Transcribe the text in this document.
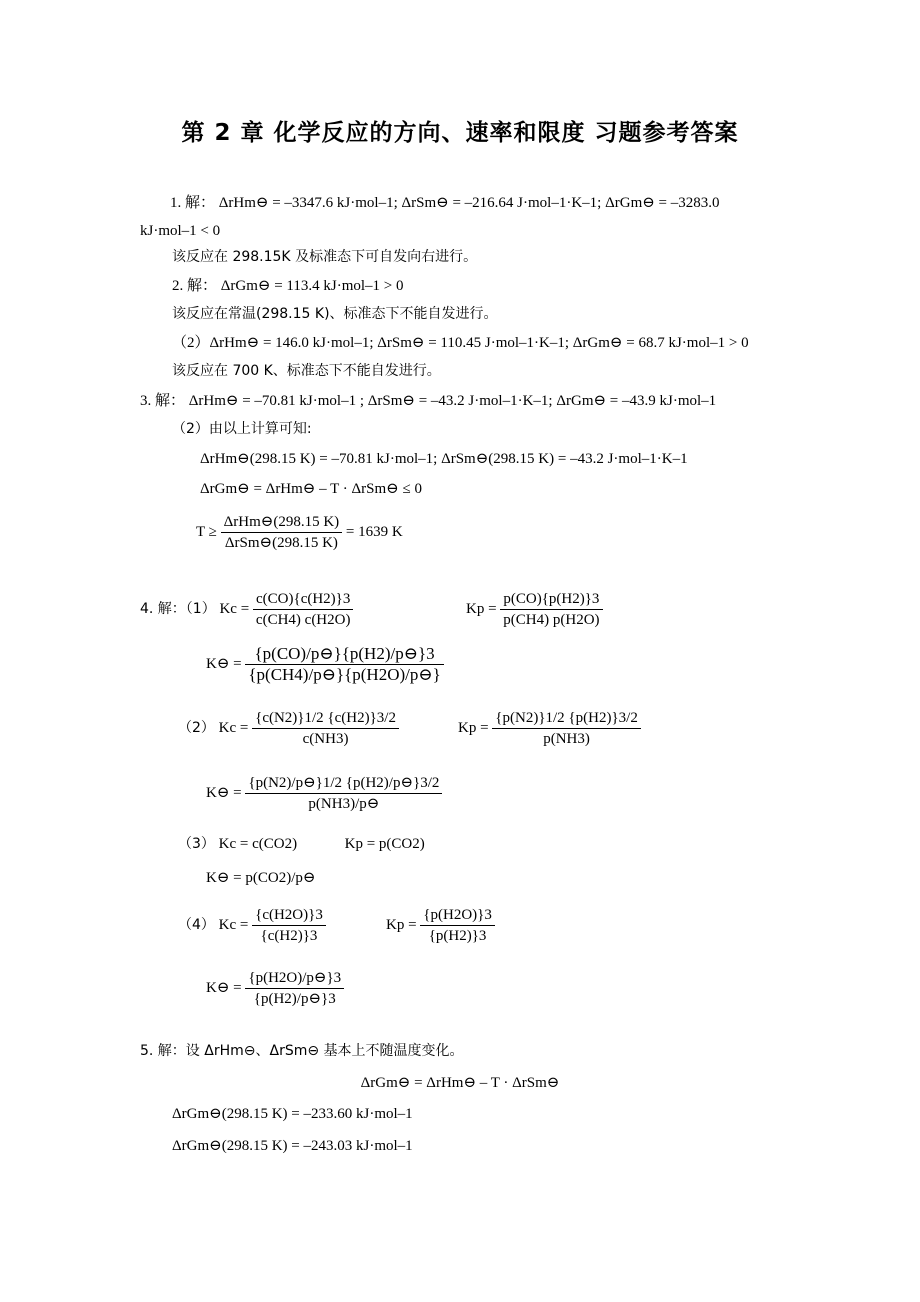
第 2 章 化学反应的方向、速率和限度 习题参考答案
1. 解： ΔrHm⊖ = –3347.6 kJ·mol–1; ΔrSm⊖ = –216.64 J·mol–1·K–1; ΔrGm⊖ = –3283.0
kJ·mol–1 < 0
该反应在 298.15K 及标准态下可自发向右进行。
2. 解： ΔrGm⊖ = 113.4 kJ·mol–1 > 0
该反应在常温(298.15 K)、标准态下不能自发进行。
（2）ΔrHm⊖ = 146.0 kJ·mol–1; ΔrSm⊖ = 110.45 J·mol–1·K–1; ΔrGm⊖ = 68.7 kJ·mol–1 > 0
该反应在 700 K、标准态下不能自发进行。
3. 解： ΔrHm⊖ = –70.81 kJ·mol–1 ; ΔrSm⊖ = –43.2 J·mol–1·K–1; ΔrGm⊖ = –43.9 kJ·mol–1
（2）由以上计算可知:
ΔrHm⊖(298.15 K) = –70.81 kJ·mol–1; ΔrSm⊖(298.15 K) = –43.2 J·mol–1·K–1
ΔrGm⊖ = ΔrHm⊖ – T · ΔrSm⊖ ≤ 0
$T \ge \frac{\text{ΔrHm⊖(298.15 K)}}{\text{ΔrSm⊖(298.15 K)}} = 1639$ K
4. 解：（1） $Kc = \frac{c(CO)\{c(H2)\}3}{c(CH4) c(H2O)}$	$Kp = \frac{p(CO)\{p(H2)\}3}{p(CH4) p(H2O)}$
K⊖ = $\frac{\{p(CO)/p⊖\}\{p(H2)/p⊖\}3}{\{p(CH4)/p⊖\}\{p(H2O)/p⊖\}}$
（2） $Kc = \frac{\{c(N2)\}1/2 \{c(H2)\}3/2}{c(NH3)}$	$Kp = \frac{\{p(N2)\}1/2 \{p(H2)\}3/2}{p(NH3)}$
K⊖ = $\frac{\{p(N2)/p⊖\}1/2 \{p(H2)/p⊖\}3/2}{p(NH3)/p⊖}$
（3） Kc = c(CO2)	Kp = p(CO2)
K⊖ = p(CO2)/p⊖
（4） $Kc = \frac{\{c(H2O)\}3}{\{c(H2)\}3}$	$Kp = \frac{\{p(H2O)\}3}{\{p(H2)\}3}$
K⊖ = $\frac{\{p(H2O)/p⊖\}3}{\{p(H2)/p⊖\}3}$
5. 解：设 ΔrHm⊖、ΔrSm⊖ 基本上不随温度变化。
ΔrGm⊖ = ΔrHm⊖ – T · ΔrSm⊖
ΔrGm⊖(298.15 K) = –233.60 kJ·mol–1
ΔrGm⊖(298.15 K) = –243.03 kJ·mol–1
